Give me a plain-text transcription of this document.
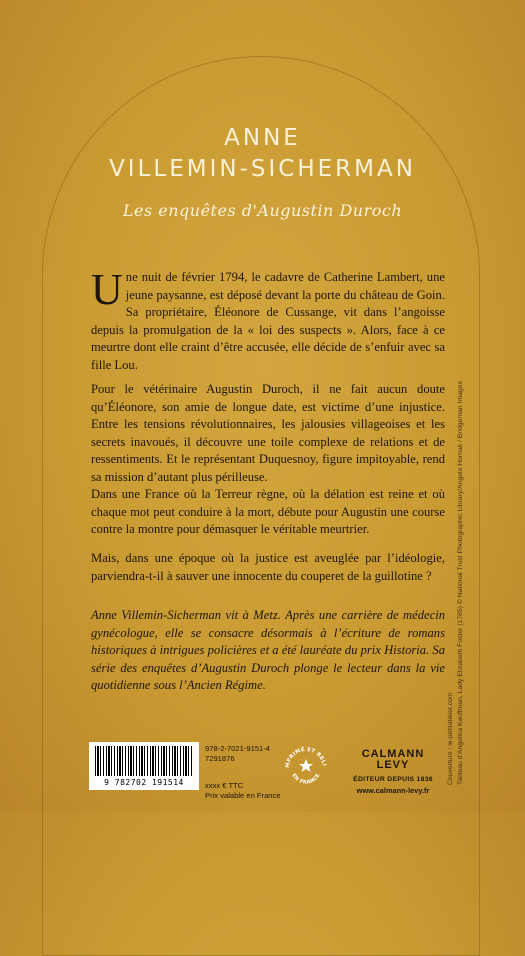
ANNE
VILLEMIN-SICHERMAN
Les enquêtes d'Augustin Duroch

Une nuit de février 1794, le cadavre de Catherine Lambert, une jeune paysanne, est déposé devant la porte du château de Goin. Sa propriétaire, Éléonore de Cussange, vit dans l’angoisse depuis la promulgation de la « loi des suspects ». Alors, face à ce meurtre dont elle craint d’être accusée, elle décide de s’enfuir avec sa fille Lou.

Pour le vétérinaire Augustin Duroch, il ne fait aucun doute qu’Éléonore, son amie de longue date, est victime d’une injustice. Entre les tensions révolutionnaires, les jalousies villageoises et les secrets inavoués, il découvre une toile complexe de relations et de ressentiments. Et le représentant Duquesnoy, figure impitoyable, rend sa mission d’autant plus périlleuse.

Dans une France où la Terreur règne, où la délation est reine et où chaque mot peut conduire à la mort, débute pour Augustin une course contre la montre pour démasquer le véritable meurtrier.

Mais, dans une époque où la justice est aveuglée par l’idéologie, parviendra-t-il à sauver une innocente du couperet de la guillotine ?

Anne Villemin-Sicherman vit à Metz. Après une carrière de médecin gynécologue, elle se consacre désormais à l’écriture de romans historiques à intrigues policières et a été lauréate du prix Historia. Sa série des enquêtes d’Augustin Duroch plonge le lecteur dans la vie quotidienne sous l’Ancien Régime.

Couverture : le-petitatelier.com Tableau d’Angelica Kauffman, Lady Elizabeth Foster (1785) © National Trust Photographic Library/Angelo Hornak / Bridgeman Images
9 782702 191514
978-2-7021-9151-4
7291876
xxxx € TTC
Prix valable en France
MPRIMÉ ET RELI
EN FRANCE
CALMANN
LEVY
ÉDITEUR DEPUIS 1836
www.calmann-levy.fr
